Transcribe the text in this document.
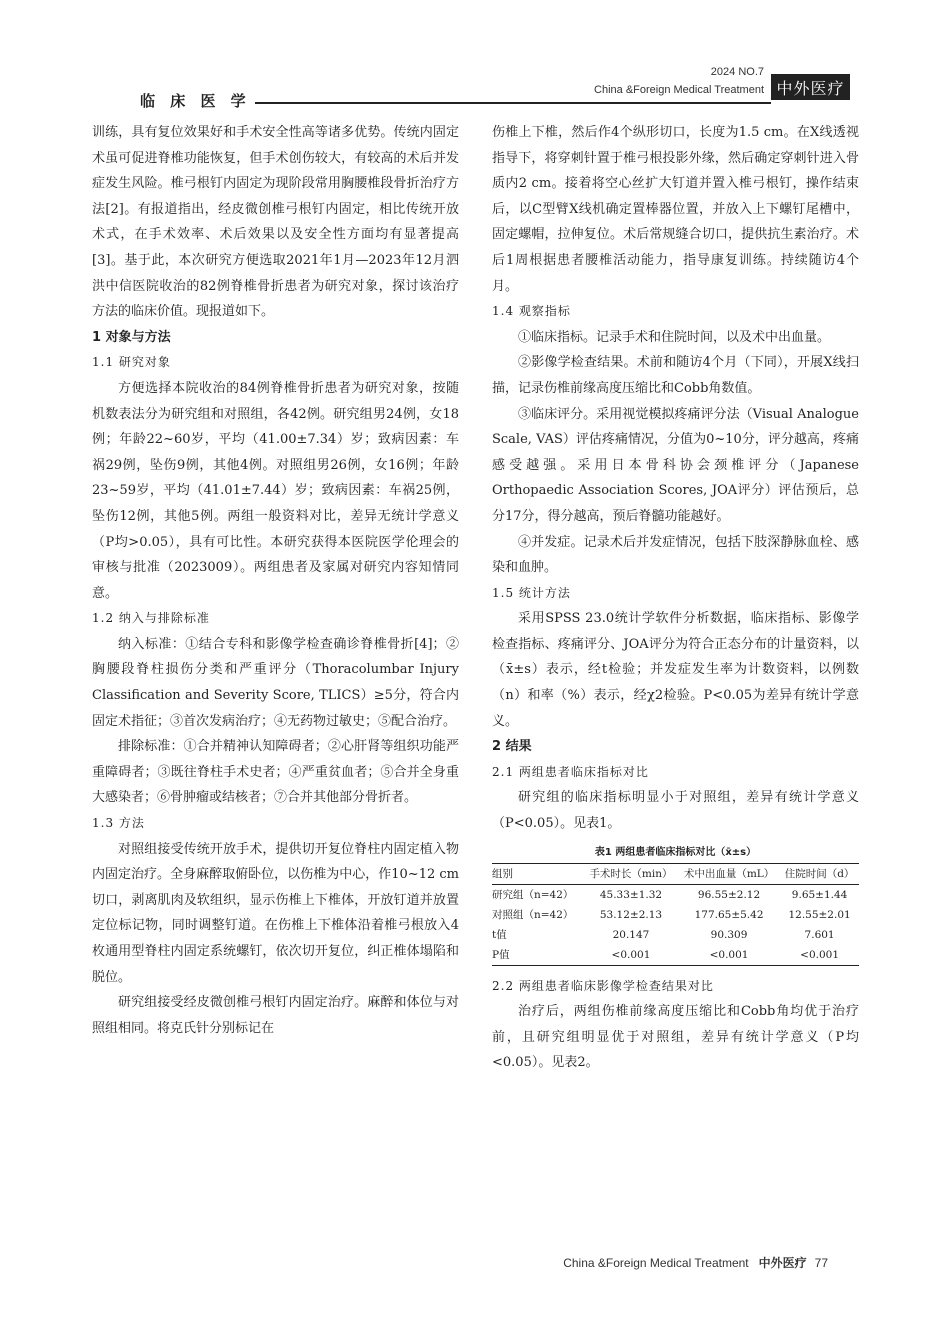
临 床 医 学
2024 NO.7
China &Foreign Medical Treatment 中外医疗

训练，具有复位效果好和手术安全性高等诸多优势。传统内固定术虽可促进脊椎功能恢复，但手术创伤较大，有较高的术后并发症发生风险。椎弓根钉内固定为现阶段常用胸腰椎段骨折治疗方法[2]。有报道指出，经皮微创椎弓根钉内固定，相比传统开放术式，在手术效率、术后效果以及安全性方面均有显著提高[3]。基于此，本次研究方便选取2021年1月—2023年12月泗洪中信医院收治的82例脊椎骨折患者为研究对象，探讨该治疗方法的临床价值。现报道如下。

1 对象与方法

1.1 研究对象

方便选择本院收治的84例脊椎骨折患者为研究对象，按随机数表法分为研究组和对照组，各42例。研究组男24例，女18例；年龄22~60岁，平均（41.00±7.34）岁；致病因素：车祸29例，坠伤9例，其他4例。对照组男26例，女16例；年龄23~59岁，平均（41.01±7.44）岁；致病因素：车祸25例，坠伤12例，其他5例。两组一般资料对比，差异无统计学意义（P均>0.05），具有可比性。本研究获得本医院医学伦理会的审核与批准（2023009）。两组患者及家属对研究内容知情同意。

1.2 纳入与排除标准

纳入标准：①结合专科和影像学检查确诊脊椎骨折[4]；②胸腰段脊柱损伤分类和严重评分（Thoracolumbar Injury Classification and Severity Score, TLICS）≥5分，符合内固定术指征；③首次发病治疗；④无药物过敏史；⑤配合治疗。

排除标准：①合并精神认知障碍者；②心肝肾等组织功能严重障碍者；③既往脊柱手术史者；④严重贫血者；⑤合并全身重大感染者；⑥骨肿瘤或结核者；⑦合并其他部分骨折者。

1.3 方法

对照组接受传统开放手术，提供切开复位脊柱内固定植入物内固定治疗。全身麻醉取俯卧位，以伤椎为中心，作10~12 cm切口，剥离肌肉及软组织，显示伤椎上下椎体，开放钉道并放置定位标记物，同时调整钉道。在伤椎上下椎体沿着椎弓根放入4枚通用型脊柱内固定系统螺钉，依次切开复位，纠正椎体塌陷和脱位。

研究组接受经皮微创椎弓根钉内固定治疗。麻醉和体位与对照组相同。将克氏针分别标记在

伤椎上下椎，然后作4个纵形切口，长度为1.5 cm。在X线透视指导下，将穿刺针置于椎弓根投影外缘，然后确定穿刺针进入骨质内2 cm。接着将空心丝扩大钉道并置入椎弓根钉，操作结束后，以C型臂X线机确定置棒器位置，并放入上下螺钉尾槽中，固定螺帽，拉伸复位。术后常规缝合切口，提供抗生素治疗。术后1周根据患者腰椎活动能力，指导康复训练。持续随访4个月。

1.4 观察指标

①临床指标。记录手术和住院时间，以及术中出血量。

②影像学检查结果。术前和随访4个月（下同），开展X线扫描，记录伤椎前缘高度压缩比和Cobb角数值。

③临床评分。采用视觉模拟疼痛评分法（Visual Analogue Scale, VAS）评估疼痛情况，分值为0~10分，评分越高，疼痛感受越强。采用日本骨科协会颈椎评分（Japanese Orthopaedic Association Scores, JOA评分）评估预后，总分17分，得分越高，预后脊髓功能越好。

④并发症。记录术后并发症情况，包括下肢深静脉血栓、感染和血肿。

1.5 统计方法

采用SPSS 23.0统计学软件分析数据，临床指标、影像学检查指标、疼痛评分、JOA评分为符合正态分布的计量资料，以（x̄±s）表示，经t检验；并发症发生率为计数资料，以例数（n）和率（%）表示，经χ2检验。P<0.05为差异有统计学意义。

2 结果

2.1 两组患者临床指标对比

研究组的临床指标明显小于对照组，差异有统计学意义（P<0.05）。见表1。

表1 两组患者临床指标对比（x̄±s）
组别	手术时长（min）	术中出血量（mL）	住院时间（d）
研究组（n=42）	45.33±1.32	96.55±2.12	9.65±1.44
对照组（n=42）	53.12±2.13	177.65±5.42	12.55±2.01
t值	20.147	90.309	7.601
P值	<0.001	<0.001	<0.001

2.2 两组患者临床影像学检查结果对比

治疗后，两组伤椎前缘高度压缩比和Cobb角均优于治疗前，且研究组明显优于对照组，差异有统计学意义（P均<0.05）。见表2。

China &Foreign Medical Treatment 中外医疗 77
